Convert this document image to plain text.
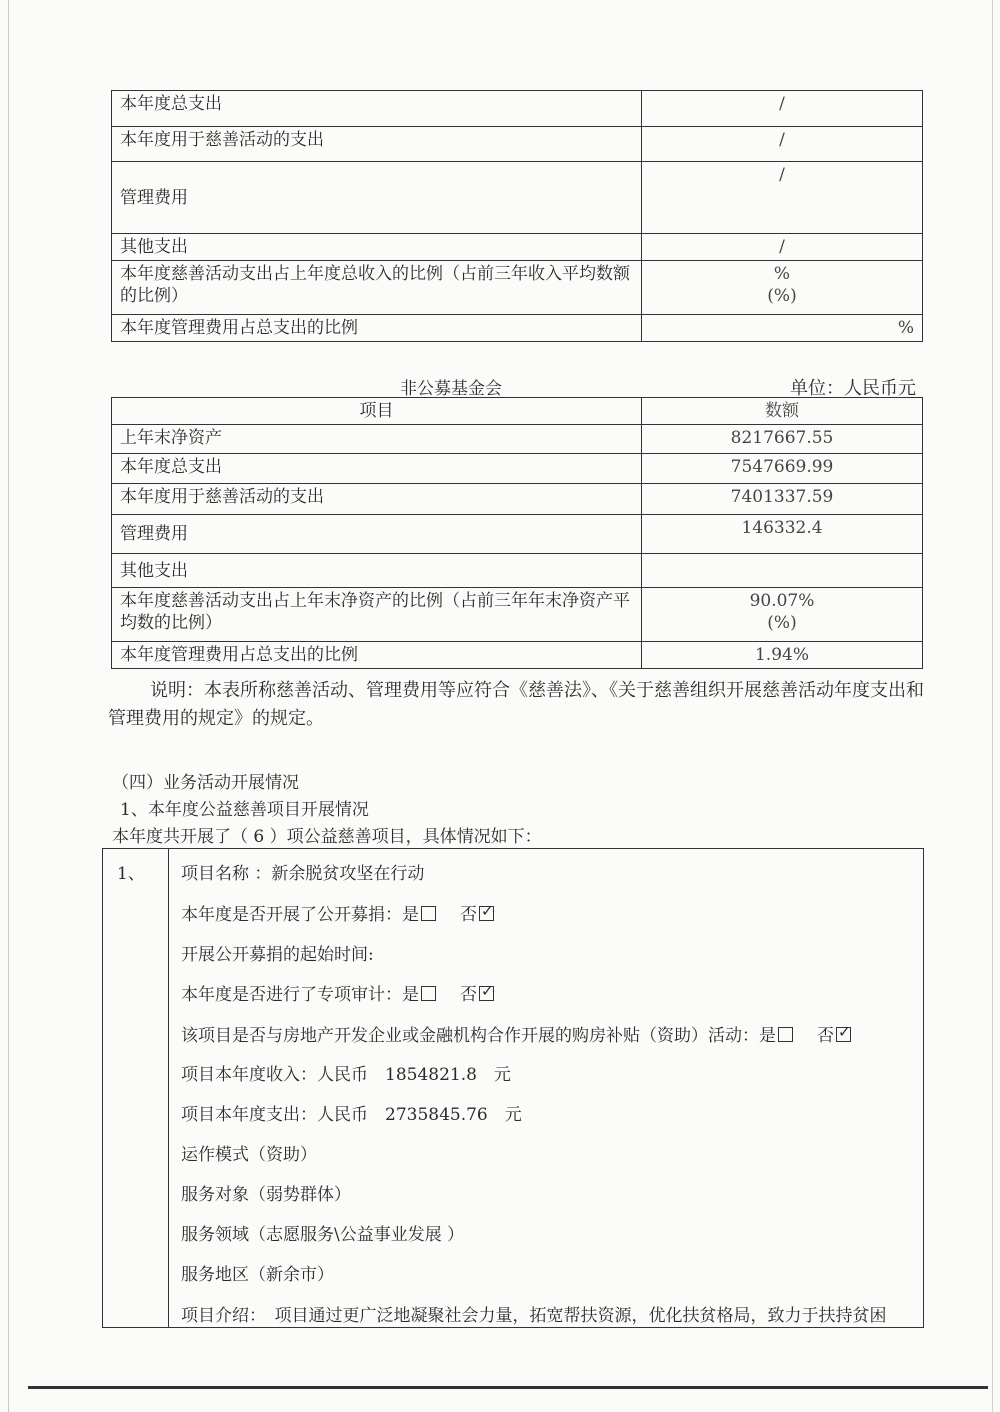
本年度总支出	/
本年度用于慈善活动的支出	/
管理费用	/
其他支出	/
本年度慈善活动支出占上年度总收入的比例（占前三年收入平均数额的比例）	%
(%)

本年度管理费用占总支出的比例	%
非公募基金会	单位：人民币元
项目	数额
上年末净资产	8217667.55
本年度总支出	7547669.99
本年度用于慈善活动的支出	7401337.59
管理费用	146332.4
其他支出	
本年度慈善活动支出占上年末净资产的比例（占前三年年末净资产平均数的比例）	90.07%
(%)

本年度管理费用占总支出的比例	1.94%
说明：本表所称慈善活动、管理费用等应符合《慈善法》、《关于慈善组织开展慈善活动年度支出和管理费用的规定》的规定。
（四）业务活动开展情况
1、本年度公益慈善项目开展情况
本年度共开展了（ 6 ）项公益慈善项目，具体情况如下：
1、	项目名称 ：新余脱贫攻坚在行动
本年度是否开展了公开募捐：是 否✓
开展公开募捐的起始时间:
本年度是否进行了专项审计：是 否✓
该项目是否与房地产开发企业或金融机构合作开展的购房补贴（资助）活动：是 否✓
项目本年度收入：人民币　1854821.8　元
项目本年度支出：人民币　2735845.76　元
运作模式（资助）
服务对象（弱势群体）
服务领域（志愿服务\公益事业发展 ）
服务地区（新余市）
项目介绍：　项目通过更广泛地凝聚社会力量，拓宽帮扶资源，优化扶贫格局，致力于扶持贫困
